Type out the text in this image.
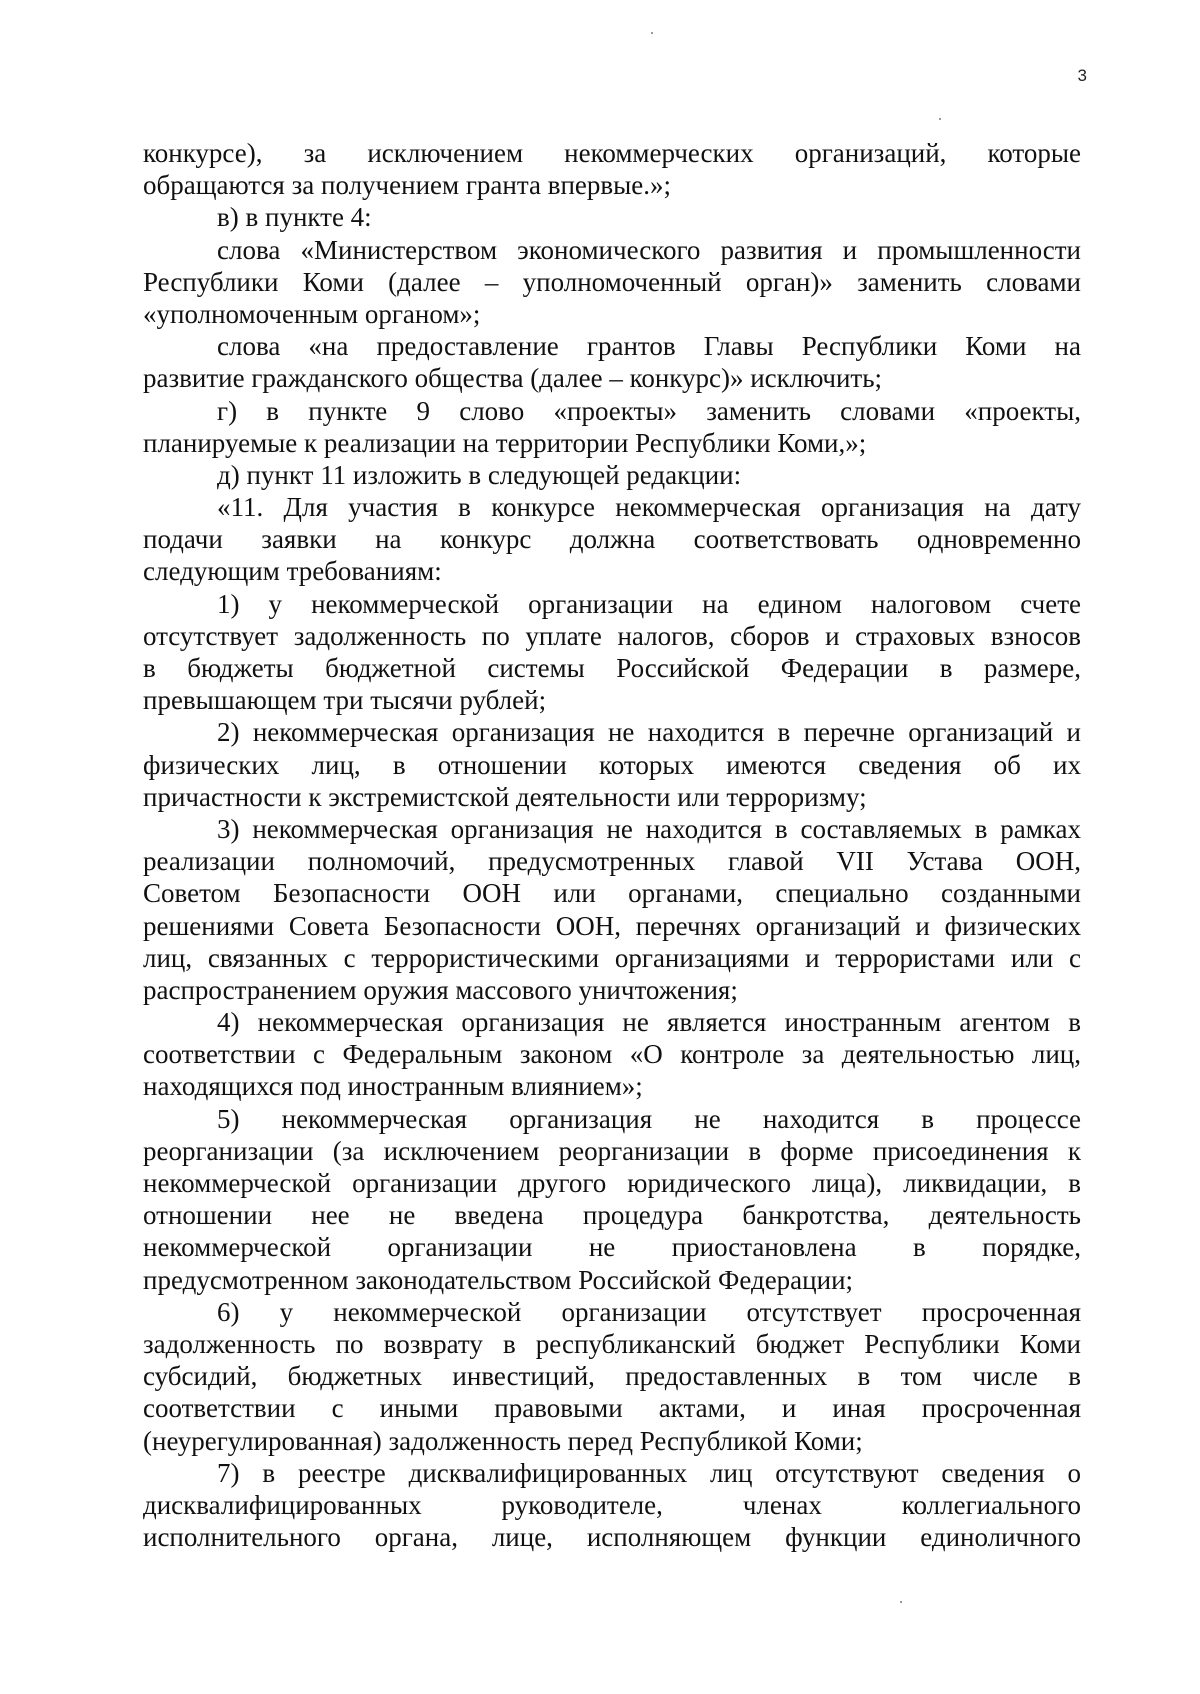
3
конкурсе), за исключением некоммерческих организаций, которые
обращаются за получением гранта впервые.»;
в) в пункте 4:
слова «Министерством экономического развития и промышленности
Республики Коми (далее – уполномоченный орган)» заменить словами
«уполномоченным органом»;
слова «на предоставление грантов Главы Республики Коми на
развитие гражданского общества (далее – конкурс)» исключить;
г) в пункте 9 слово «проекты» заменить словами «проекты,
планируемые к реализации на территории Республики Коми,»;
д) пункт 11 изложить в следующей редакции:
«11. Для участия в конкурсе некоммерческая организация на дату
подачи заявки на конкурс должна соответствовать одновременно
следующим требованиям:
1) у некоммерческой организации на едином налоговом счете
отсутствует задолженность по уплате налогов, сборов и страховых взносов
в бюджеты бюджетной системы Российской Федерации в размере,
превышающем три тысячи рублей;
2) некоммерческая организация не находится в перечне организаций и
физических лиц, в отношении которых имеются сведения об их
причастности к экстремистской деятельности или терроризму;
3) некоммерческая организация не находится в составляемых в рамках
реализации полномочий, предусмотренных главой VII Устава ООН,
Советом Безопасности ООН или органами, специально созданными
решениями Совета Безопасности ООН, перечнях организаций и физических
лиц, связанных с террористическими организациями и террористами или с
распространением оружия массового уничтожения;
4) некоммерческая организация не является иностранным агентом в
соответствии с Федеральным законом «О контроле за деятельностью лиц,
находящихся под иностранным влиянием»;
5) некоммерческая организация не находится в процессе
реорганизации (за исключением реорганизации в форме присоединения к
некоммерческой организации другого юридического лица), ликвидации, в
отношении нее не введена процедура банкротства, деятельность
некоммерческой организации не приостановлена в порядке,
предусмотренном законодательством Российской Федерации;
6) у некоммерческой организации отсутствует просроченная
задолженность по возврату в республиканский бюджет Республики Коми
субсидий, бюджетных инвестиций, предоставленных в том числе в
соответствии с иными правовыми актами, и иная просроченная
(неурегулированная) задолженность перед Республикой Коми;
7) в реестре дисквалифицированных лиц отсутствуют сведения о
дисквалифицированных руководителе, членах коллегиального
исполнительного органа, лице, исполняющем функции единоличного
